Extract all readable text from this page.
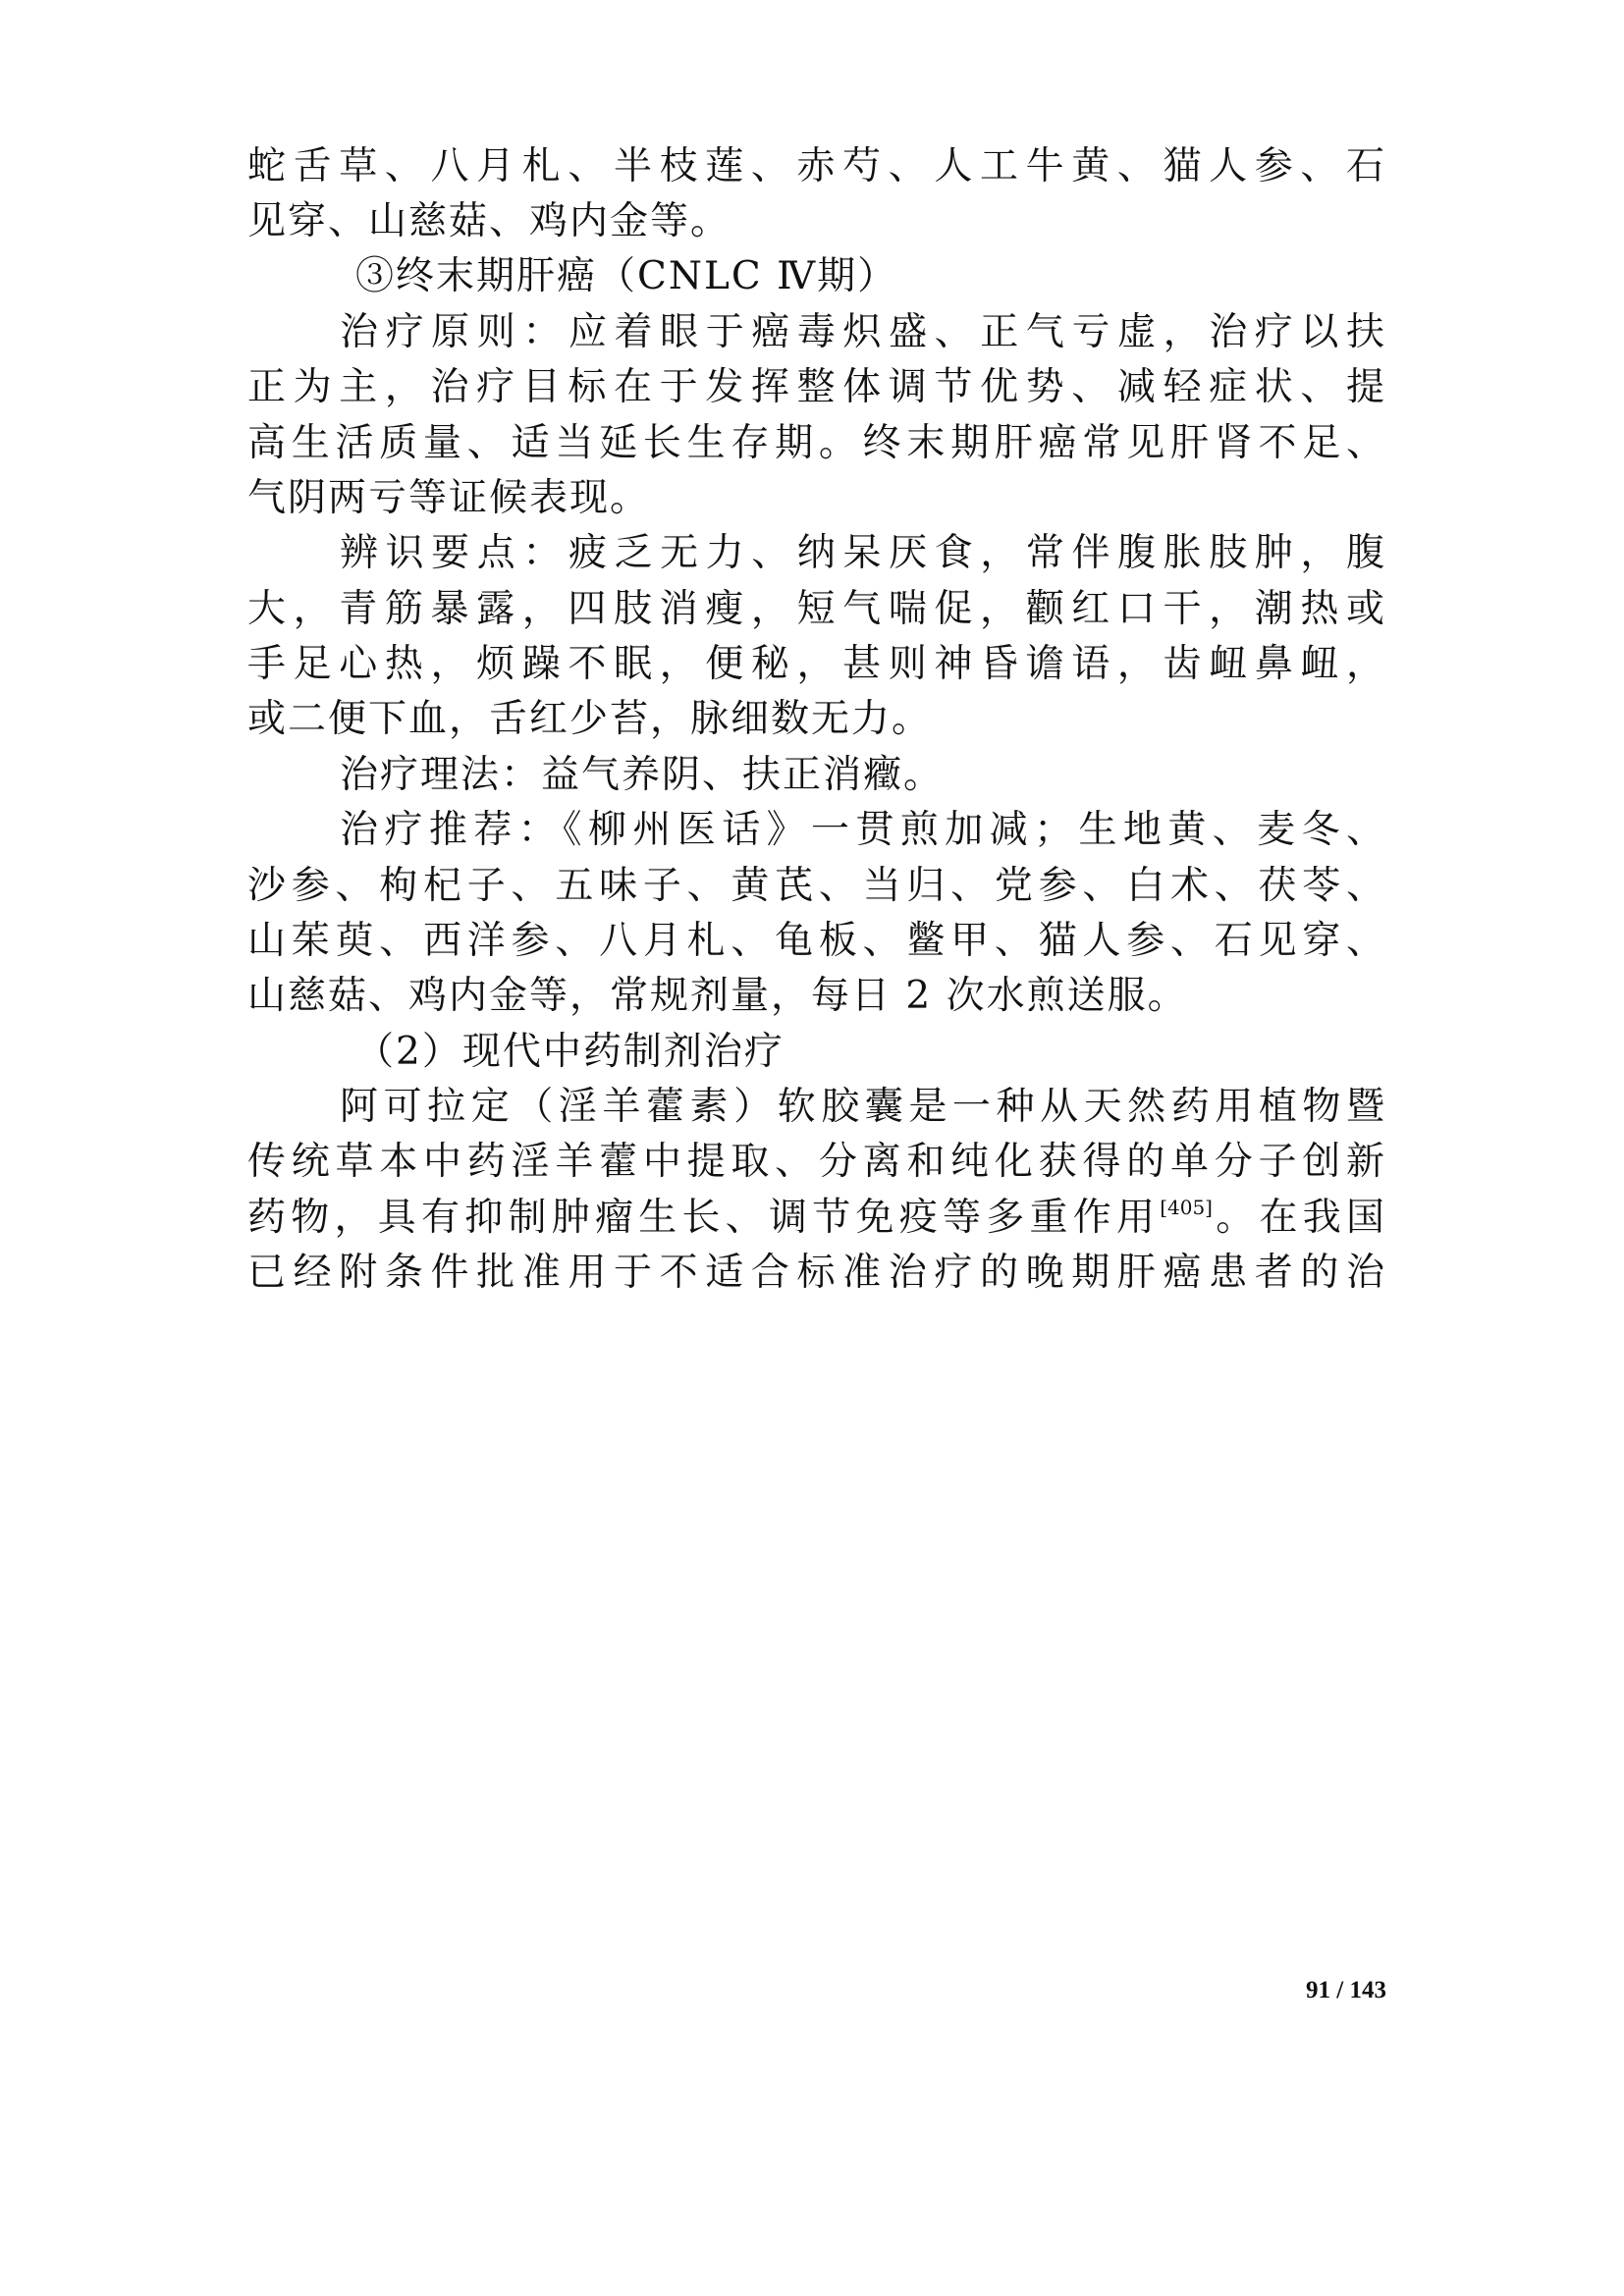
蛇舌草、八月札、半枝莲、赤芍、人工牛黄、猫人参、石
见穿、山慈菇、鸡内金等。
③终末期肝癌（CNLC Ⅳ期）
治疗原则：应着眼于癌毒炽盛、正气亏虚，治疗以扶
正为主，治疗目标在于发挥整体调节优势、减轻症状、提
高生活质量、适当延长生存期。终末期肝癌常见肝肾不足、
气阴两亏等证候表现。
辨识要点：疲乏无力、纳呆厌食，常伴腹胀肢肿，腹
大，青筋暴露，四肢消瘦，短气喘促，颧红口干，潮热或
手足心热，烦躁不眠，便秘，甚则神昏谵语，齿衄鼻衄，
或二便下血，舌红少苔，脉细数无力。
治疗理法：益气养阴、扶正消癥。
治疗推荐：《柳州医话》一贯煎加减；生地黄、麦冬、
沙参、枸杞子、五味子、黄芪、当归、党参、白术、茯苓、
山茱萸、西洋参、八月札、龟板、鳖甲、猫人参、石见穿、
山慈菇、鸡内金等，常规剂量，每日 2 次水煎送服。
（2）现代中药制剂治疗
阿可拉定（淫羊藿素）软胶囊是一种从天然药用植物暨
传统草本中药淫羊藿中提取、分离和纯化获得的单分子创新
药物，具有抑制肿瘤生长、调节免疫等多重作用[405]。在我国
已经附条件批准用于不适合标准治疗的晚期肝癌患者的治
91 / 143
